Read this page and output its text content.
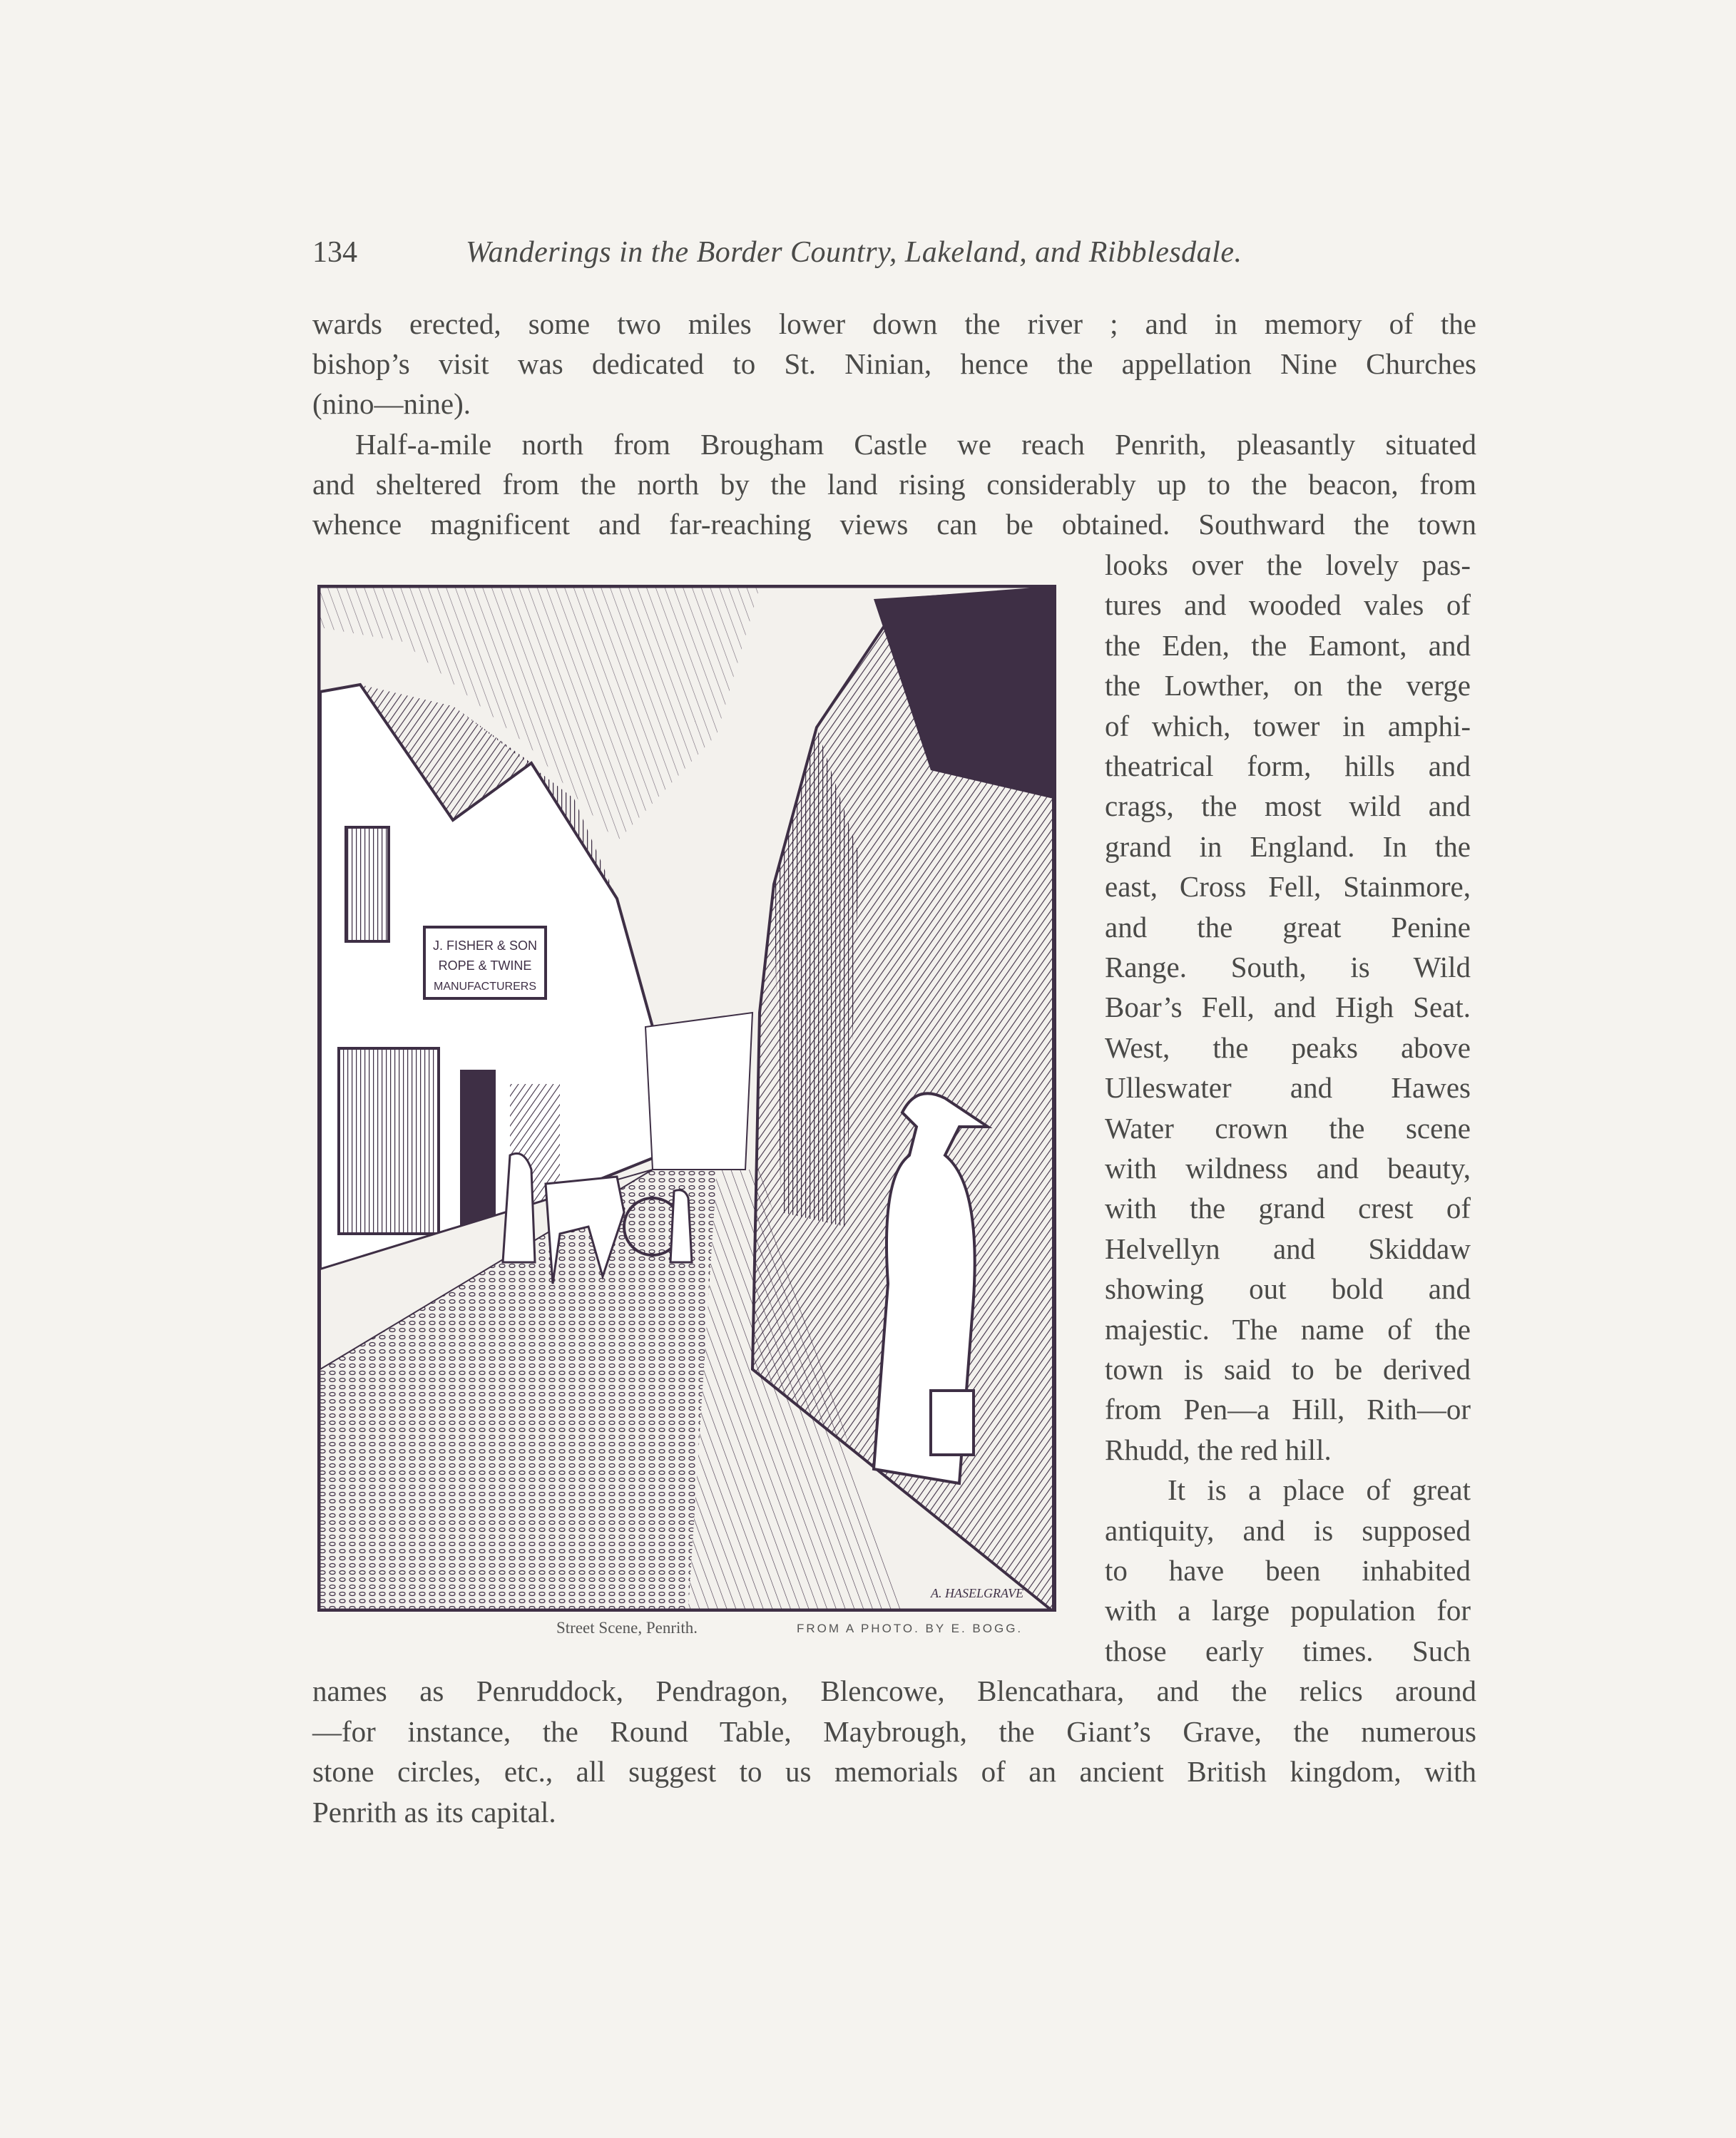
134	Wanderings in the Border Country, Lakeland, and Ribblesdale.
wards erected, some two miles lower down the river ; and in memory of the
bishop’s visit was dedicated to St. Ninian, hence the appellation Nine Churches
(nino—nine).
Half-a-mile north from Brougham Castle we reach Penrith, pleasantly situated
and sheltered from the north by the land rising considerably up to the beacon, from
whence magnificent and far-reaching views can be obtained. Southward the town
looks over the lovely pas-
tures and wooded vales of
the Eden, the Eamont, and
the Lowther, on the verge
of which, tower in amphi-
theatrical form, hills and
crags, the most wild and
grand in England. In the
east, Cross Fell, Stainmore,
and the great Penine
Range. South, is Wild
Boar’s Fell, and High Seat.
West, the peaks above
Ulleswater and Hawes
Water crown the scene
with wildness and beauty,
with the grand crest of
Helvellyn and Skiddaw
showing out bold and
majestic. The name of the
town is said to be derived
from Pen—a Hill, Rith—or
Rhudd, the red hill.
It is a place of great
antiquity, and is supposed
to have been inhabited
with a large population for
those early times. Such
names as Penruddock, Pendragon, Blencowe, Blencathara, and the relics around
—for instance, the Round Table, Maybrough, the Giant’s Grave, the numerous
stone circles, etc., all suggest to us memorials of an ancient British kingdom, with
Penrith as its capital.
J. FISHER & SON
ROPE & TWINE
MANUFACTURERS
A. HASELGRAVE
Street Scene, Penrith.	FROM A PHOTO. BY E. BOGG.
